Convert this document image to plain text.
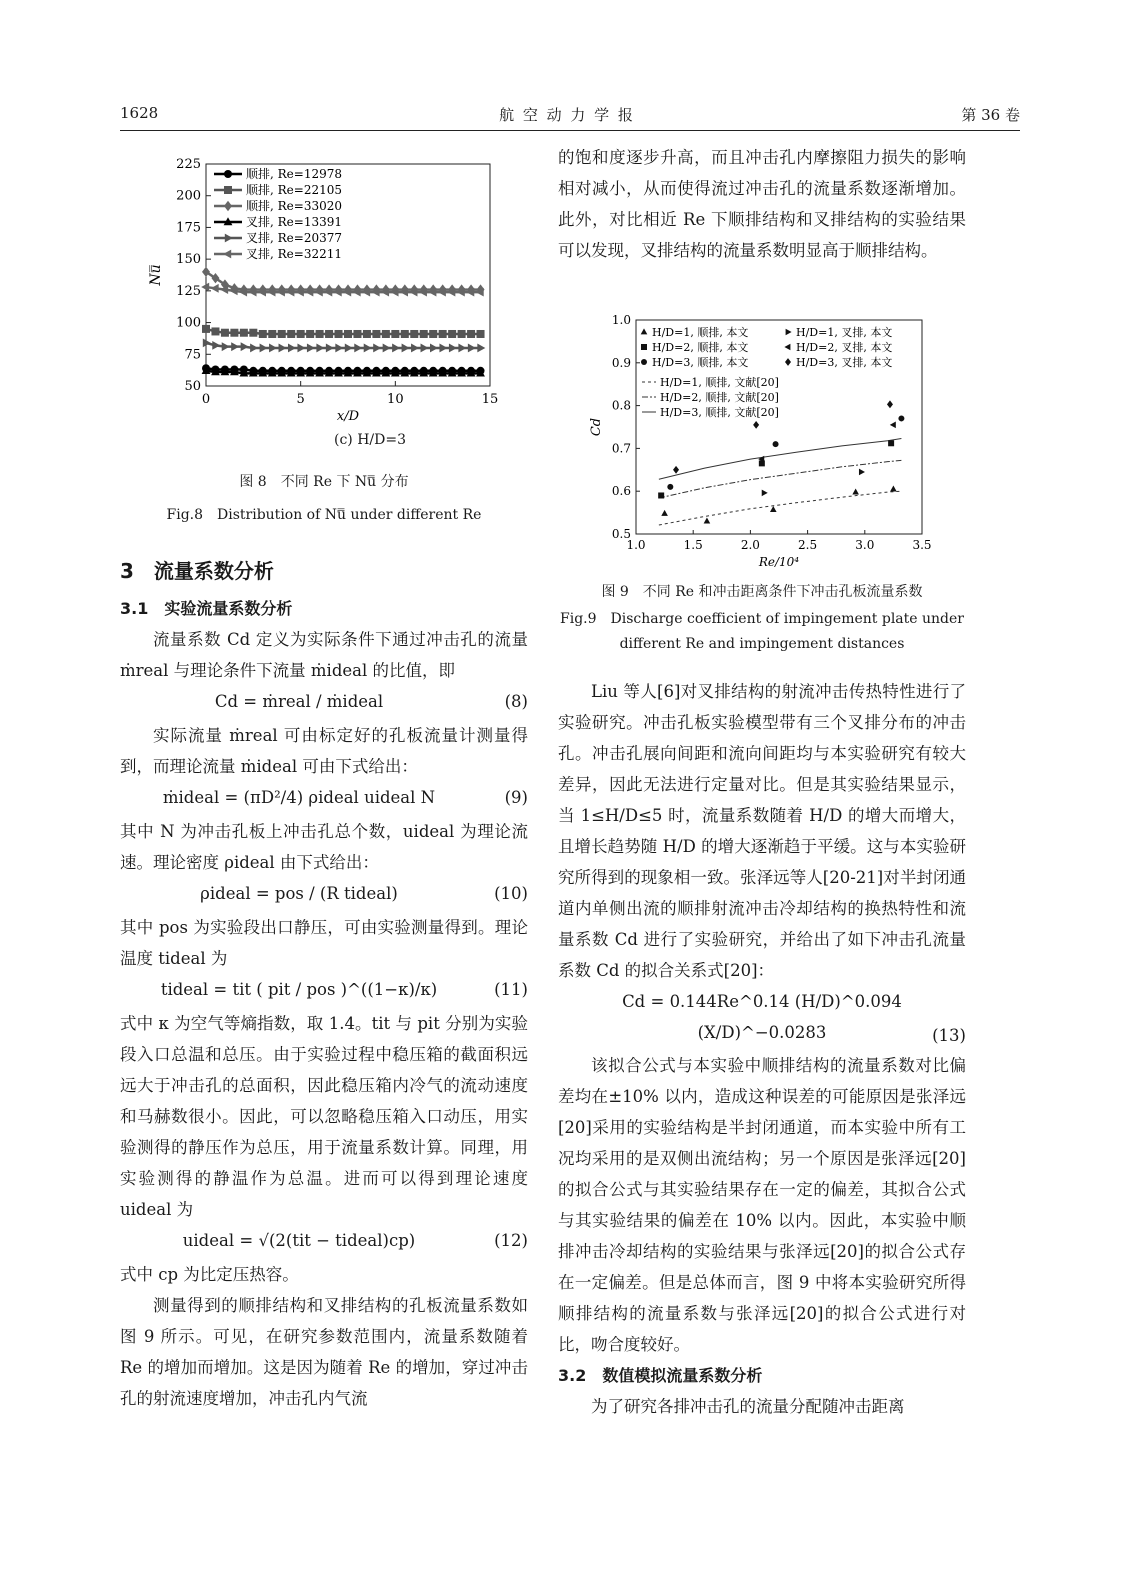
1628	航 空 动 力 学 报	第 36 卷
0	5	10	15
50
75
100
125
150
175
200
225
x/D
Nu̿
顺排, Re=12978
顺排, Re=22105
顺排, Re=33020
叉排, Re=13391
叉排, Re=20377
叉排, Re=32211
(c) H/D=3
图 8　不同 Re 下 Nu̿ 分布
Fig.8　Distribution of Nu̿ under different Re
3　流量系数分析
3.1　实验流量系数分析

流量系数 Cd 定义为实际条件下通过冲击孔的流量 ṁreal 与理论条件下流量 ṁideal 的比值，即

Cd = ṁreal / ṁideal	(8)

实际流量 ṁreal 可由标定好的孔板流量计测量得到，而理论流量 ṁideal 可由下式给出：

ṁideal = (πD²/4) ρideal uideal N	(9)

其中 N 为冲击孔板上冲击孔总个数，uideal 为理论流速。理论密度 ρideal 由下式给出：

ρideal = pos / (R tideal)	(10)

其中 pos 为实验段出口静压，可由实验测量得到。理论温度 tideal 为

tideal = tit ( pit / pos )^((1−κ)/κ)	(11)

式中 κ 为空气等熵指数，取 1.4。tit 与 pit 分别为实验段入口总温和总压。由于实验过程中稳压箱的截面积远远大于冲击孔的总面积，因此稳压箱内冷气的流动速度和马赫数很小。因此，可以忽略稳压箱入口动压，用实验测得的静压作为总压，用于流量系数计算。同理，用实验测得的静温作为总温。进而可以得到理论速度 uideal 为

uideal = √(2(tit − tideal)cp)	(12)

式中 cp 为比定压热容。

测量得到的顺排结构和叉排结构的孔板流量系数如图 9 所示。可见，在研究参数范围内，流量系数随着 Re 的增加而增加。这是因为随着 Re 的增加，穿过冲击孔的射流速度增加，冲击孔内气流

的饱和度逐步升高，而且冲击孔内摩擦阻力损失的影响相对减小，从而使得流过冲击孔的流量系数逐渐增加。此外，对比相近 Re 下顺排结构和叉排结构的实验结果可以发现，叉排结构的流量系数明显高于顺排结构。

1.0	1.5	2.0	2.5	3.0	3.5
0.5
0.6
0.7
0.8
0.9
1.0
Re/10⁴
Cd
H/D=1, 顺排, 文献[20]
H/D=2, 顺排, 文献[20]
H/D=3, 顺排, 文献[20]
H/D=1, 顺排, 本文
H/D=2, 顺排, 本文
H/D=3, 顺排, 本文
H/D=1, 叉排, 本文
H/D=2, 叉排, 本文
H/D=3, 叉排, 本文
图 9　不同 Re 和冲击距离条件下冲击孔板流量系数
Fig.9　Discharge coefficient of impingement plate under
different Re and impingement distances

Liu 等人[6]对叉排结构的射流冲击传热特性进行了实验研究。冲击孔板实验模型带有三个叉排分布的冲击孔。冲击孔展向间距和流向间距均与本实验研究有较大差异，因此无法进行定量对比。但是其实验结果显示，当 1≤H/D≤5 时，流量系数随着 H/D 的增大而增大，且增长趋势随 H/D 的增大逐渐趋于平缓。这与本实验研究所得到的现象相一致。张泽远等人[20-21]对半封闭通道内单侧出流的顺排射流冲击冷却结构的换热特性和流量系数 Cd 进行了实验研究，并给出了如下冲击孔流量系数 Cd 的拟合关系式[20]：

Cd = 0.144Re^0.14 (H/D)^0.094 (X/D)^−0.0283	(13)

该拟合公式与本实验中顺排结构的流量系数对比偏差均在±10% 以内，造成这种误差的可能原因是张泽远[20]采用的实验结构是半封闭通道，而本实验中所有工况均采用的是双侧出流结构；另一个原因是张泽远[20]的拟合公式与其实验结果存在一定的偏差，其拟合公式与其实验结果的偏差在 10% 以内。因此，本实验中顺排冲击冷却结构的实验结果与张泽远[20]的拟合公式存在一定偏差。但是总体而言，图 9 中将本实验研究所得顺排结构的流量系数与张泽远[20]的拟合公式进行对比，吻合度较好。

3.2　数值模拟流量系数分析

为了研究各排冲击孔的流量分配随冲击距离
